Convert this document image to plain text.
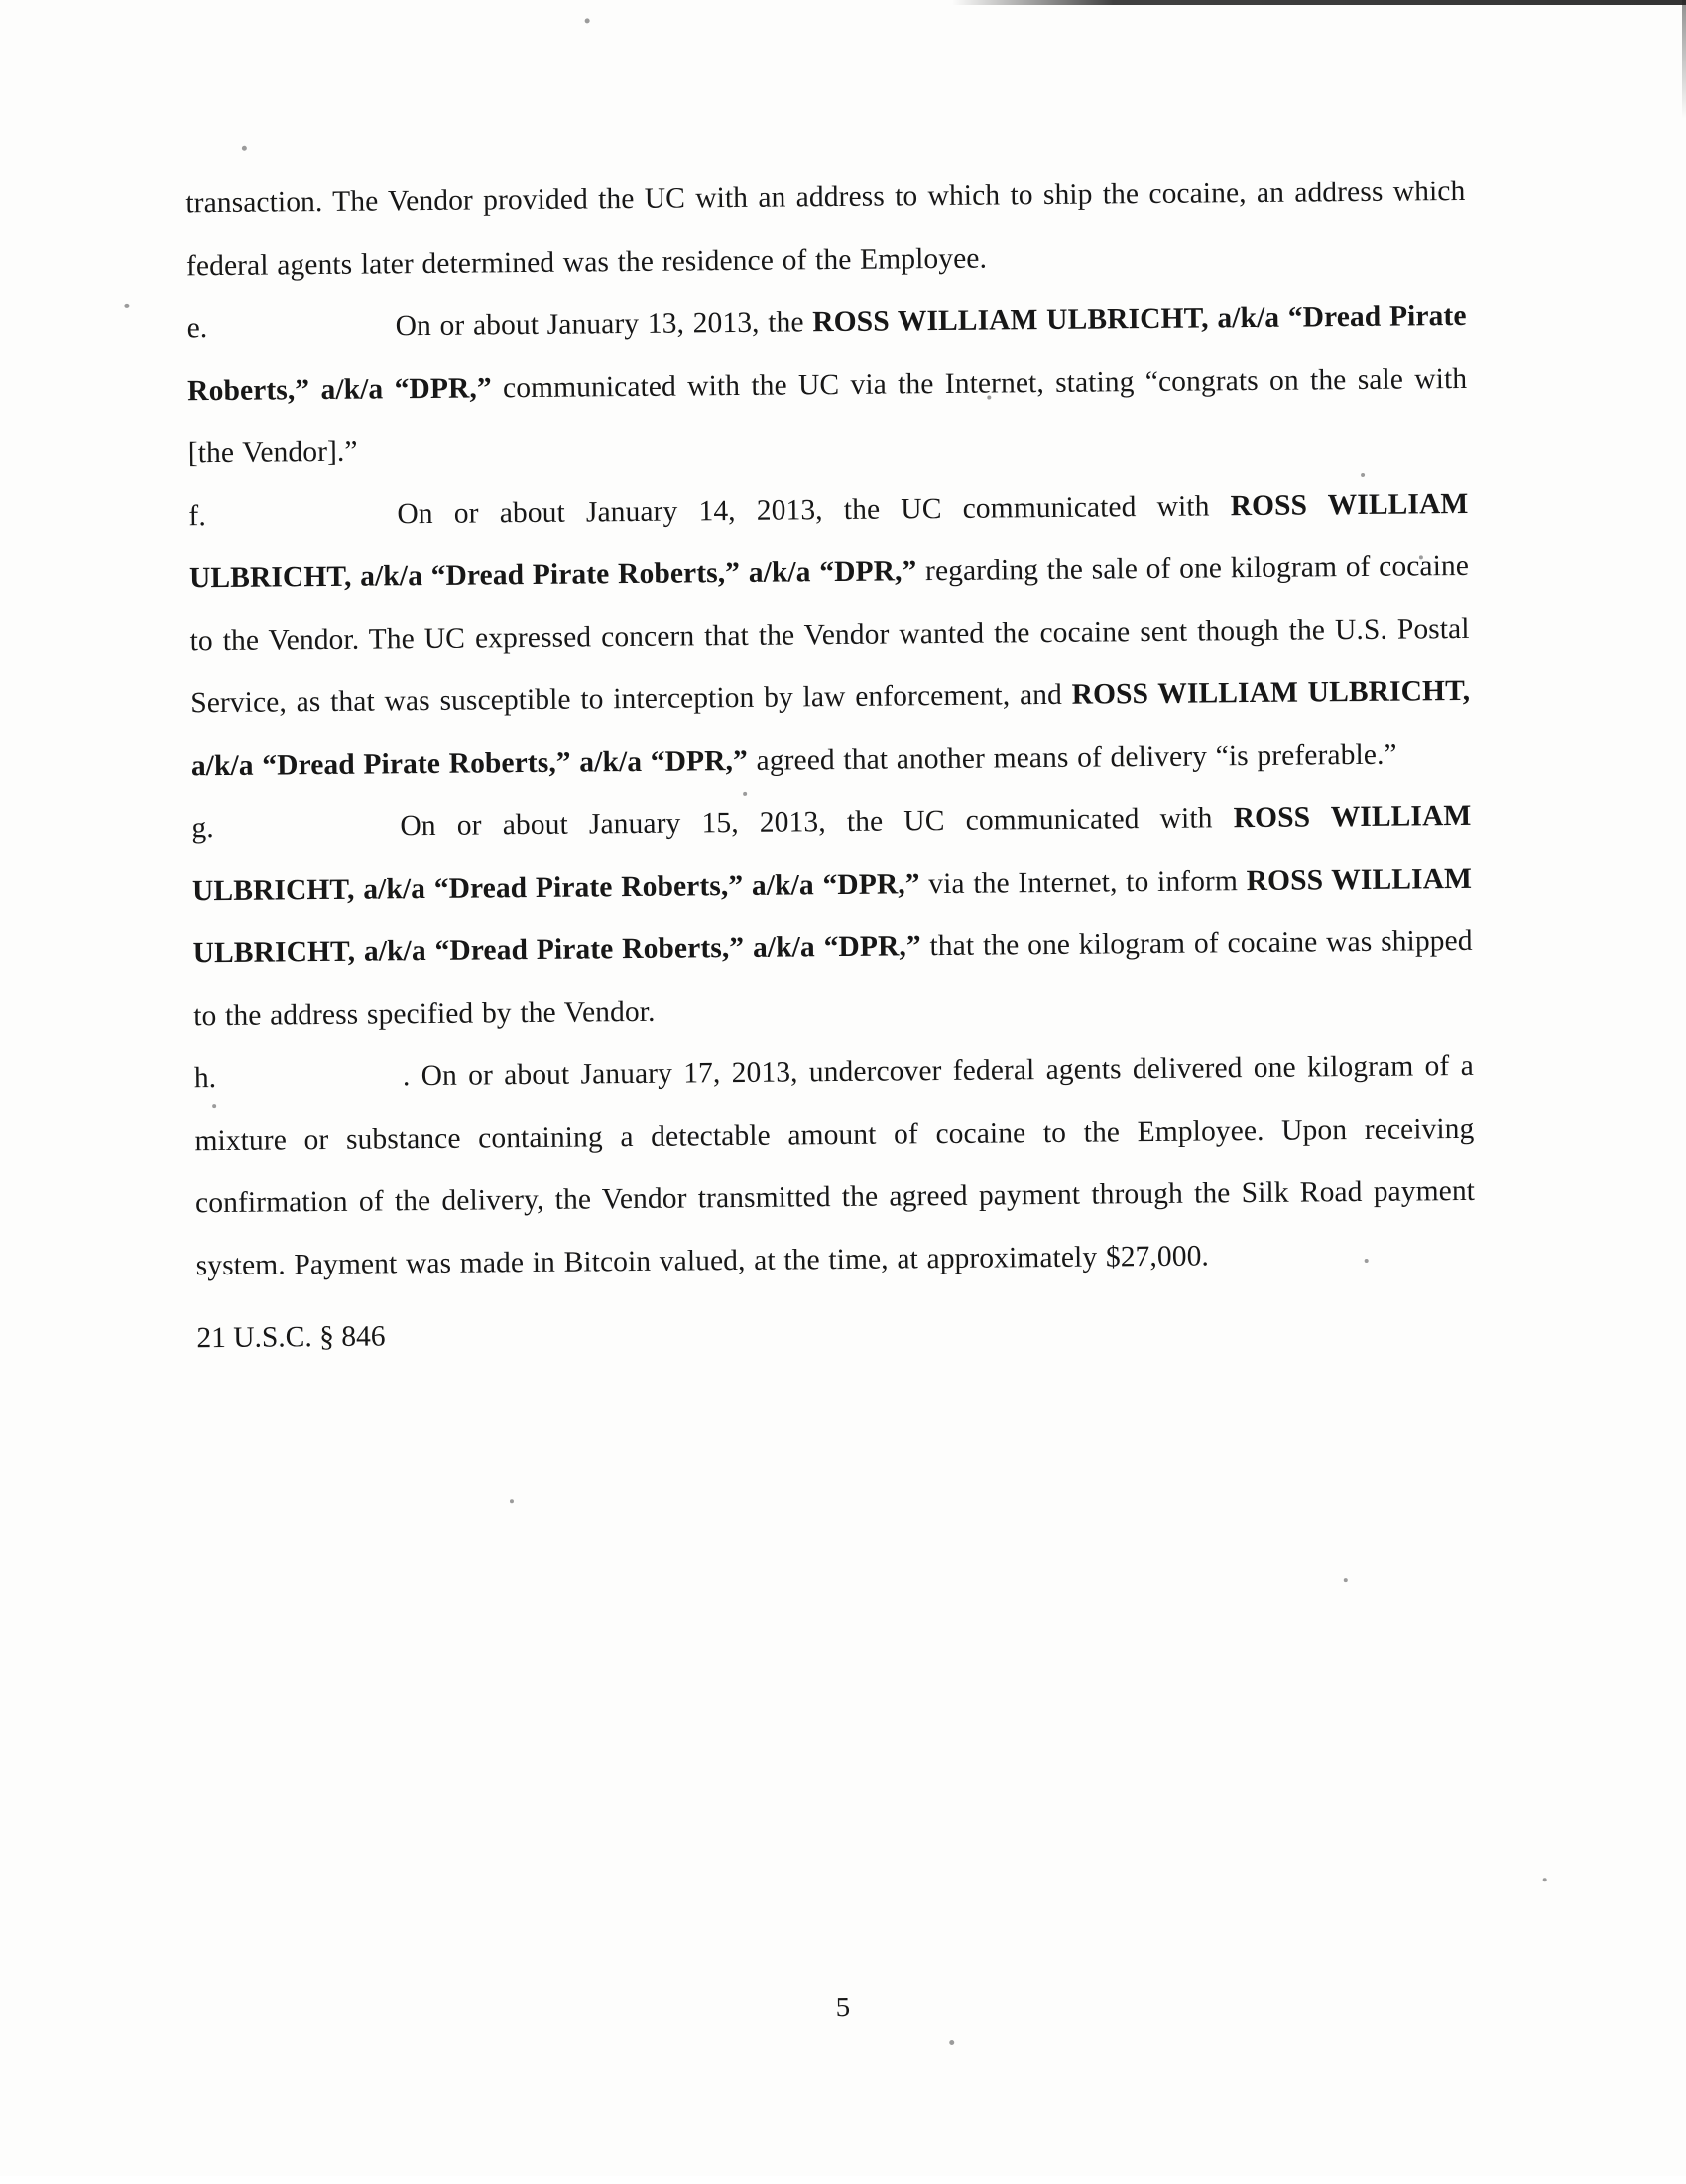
transaction. The Vendor provided the UC with an address to which to ship the cocaine, an address which federal agents later determined was the residence of the Employee.

e.	On or about January 13, 2013, the ROSS WILLIAM ULBRICHT, a/k/a “Dread Pirate Roberts,” a/k/a “DPR,” communicated with the UC via the Internet, stating “congrats on the sale with [the Vendor].”

f.	On or about January 14, 2013, the UC communicated with ROSS WILLIAM ULBRICHT, a/k/a “Dread Pirate Roberts,” a/k/a “DPR,” regarding the sale of one kilogram of cocaine to the Vendor. The UC expressed concern that the Vendor wanted the cocaine sent though the U.S. Postal Service, as that was susceptible to interception by law enforcement, and ROSS WILLIAM ULBRICHT, a/k/a “Dread Pirate Roberts,” a/k/a “DPR,” agreed that another means of delivery “is preferable.”

g.	On or about January 15, 2013, the UC communicated with ROSS WILLIAM ULBRICHT, a/k/a “Dread Pirate Roberts,” a/k/a “DPR,” via the Internet, to inform ROSS WILLIAM ULBRICHT, a/k/a “Dread Pirate Roberts,” a/k/a “DPR,” that the one kilogram of cocaine was shipped to the address specified by the Vendor.

h.	. On or about January 17, 2013, undercover federal agents delivered one kilogram of a mixture or substance containing a detectable amount of cocaine to the Employee. Upon receiving confirmation of the delivery, the Vendor transmitted the agreed payment through the Silk Road payment system. Payment was made in Bitcoin valued, at the time, at approximately $27,000.

21 U.S.C. § 846

5
